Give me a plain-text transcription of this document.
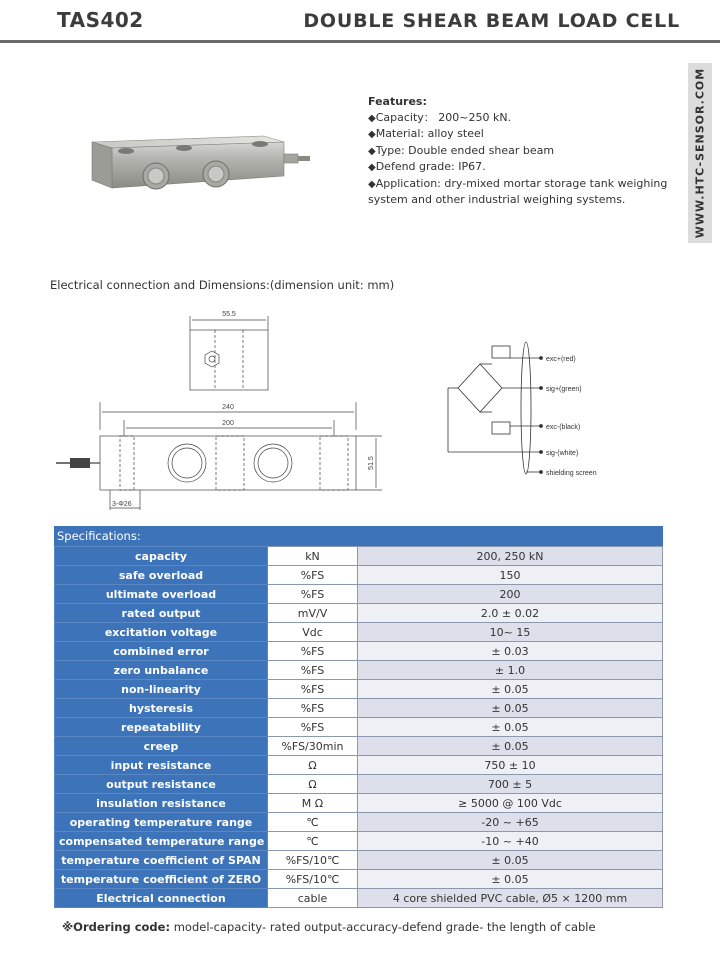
TAS402	DOUBLE SHEAR BEAM LOAD CELL
WWW.HTC-SENSOR.COM
Features:
◆ Capacity： 200~250 kN.
◆ Material: alloy steel
◆ Type: Double ended shear beam
◆ Defend grade: IP67.
◆ Application: dry-mixed mortar storage tank weighing system and other industrial weighing systems.
Electrical connection and Dimensions:(dimension unit: mm)
55.5
240
200
51.5
3-Φ26
exc+(red)
sig+(green)
exc-(black)
sig-(white)
shielding screen
Specifications:
capacity	kN	200, 250 kN
safe overload	%FS	150
ultimate overload	%FS	200
rated output	mV/V	2.0 ± 0.02
excitation voltage	Vdc	10~ 15
combined error	%FS	± 0.03
zero unbalance	%FS	± 1.0
non-linearity	%FS	± 0.05
hysteresis	%FS	± 0.05
repeatability	%FS	± 0.05
creep	%FS/30min	± 0.05
input resistance	Ω	750 ± 10
output resistance	Ω	700 ± 5
insulation resistance	M Ω	≥ 5000 @ 100 Vdc
operating temperature range	℃	-20 ~ +65
compensated temperature range	℃	-10 ~ +40
temperature coefficient of SPAN	%FS/10℃	± 0.05
temperature coefficient of ZERO	%FS/10℃	± 0.05
Electrical connection	cable	4 core shielded PVC cable, Ø5 × 1200 mm
※Ordering code: model-capacity- rated output-accuracy-defend grade- the length of cable
